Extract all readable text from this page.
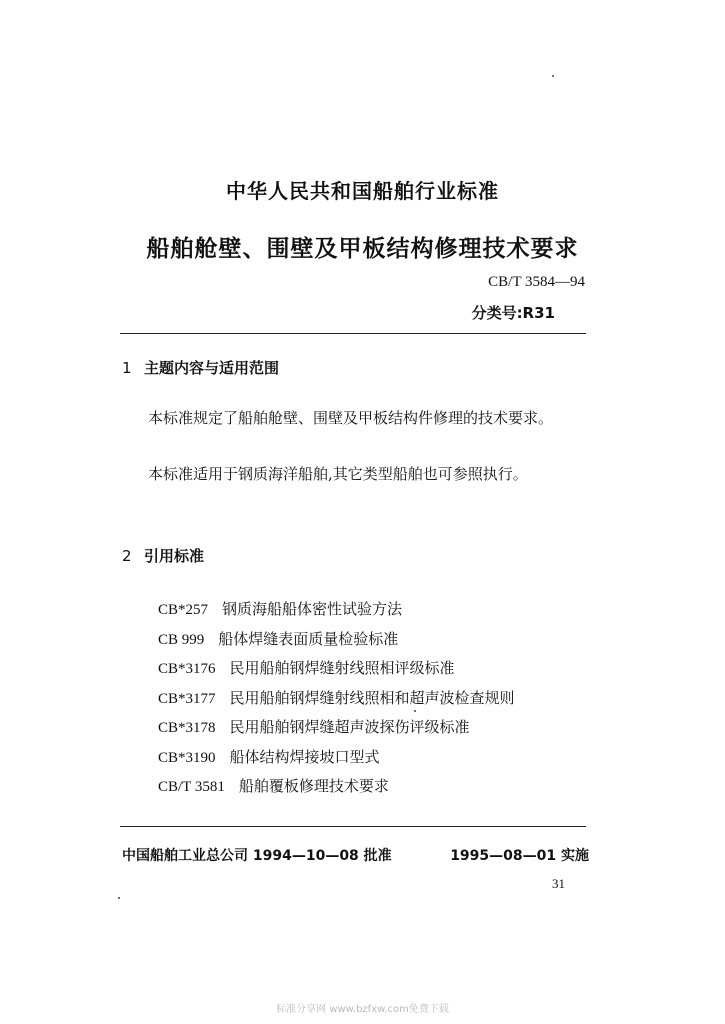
中华人民共和国船舶行业标准
船舶舱壁、围壁及甲板结构修理技术要求
CB/T 3584—94
分类号:R31
1 主题内容与适用范围
本标准规定了船舶舱壁、围壁及甲板结构件修理的技术要求。
本标准适用于钢质海洋船舶,其它类型船舶也可参照执行。
2 引用标准
CB*257 钢质海船船体密性试验方法
CB 999 船体焊缝表面质量检验标准
CB*3176 民用船舶钢焊缝射线照相评级标准
CB*3177 民用船舶钢焊缝射线照相和超声波检查规则
CB*3178 民用船舶钢焊缝超声波探伤评级标准
CB*3190 船体结构焊接坡口型式
CB/T 3581 船舶覆板修理技术要求
中国船舶工业总公司 1994—10—08 批准	1995—08—01 实施
31
标准分享网 www.bzfxw.com免费下载
